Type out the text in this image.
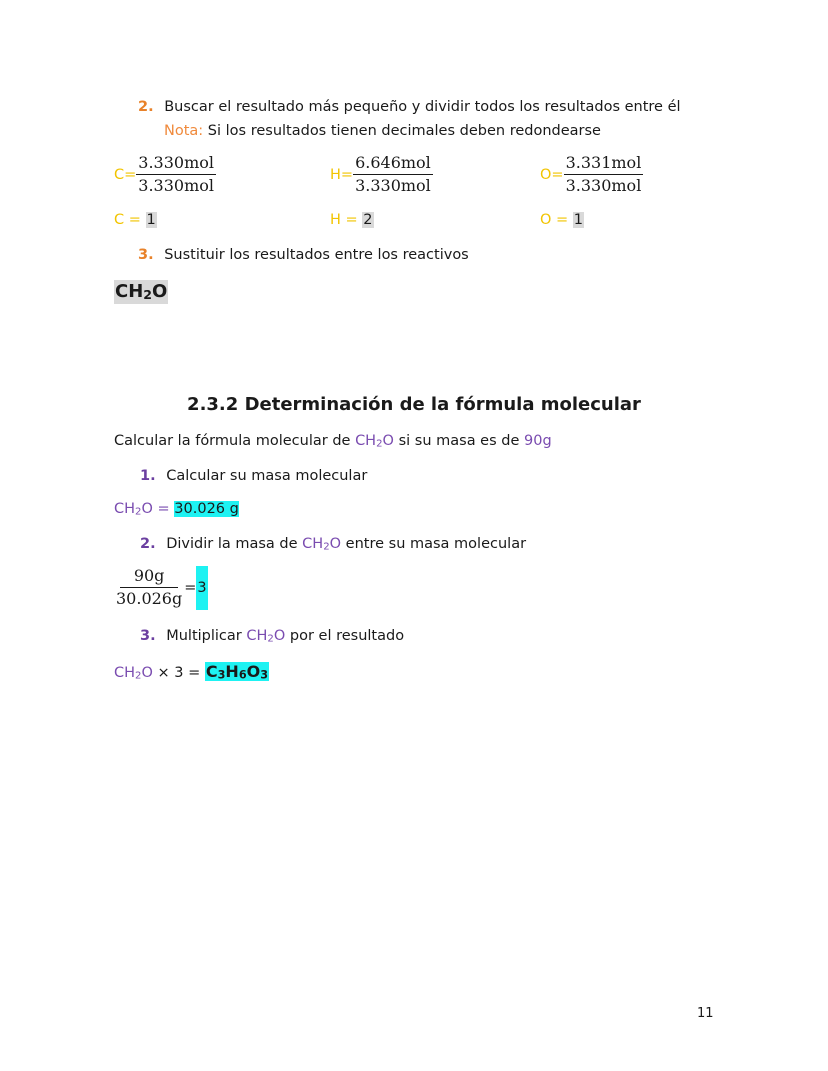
2. Buscar el resultado más pequeño y dividir todos los resultados entre él
Nota: Si los resultados tienen decimales deben redondearse
$C = \frac{\text{3.330mol}}{\text{3.330mol}}$	$H = \frac{\text{6.646mol}}{\text{3.330mol}}$	$O = \frac{\text{3.331mol}}{\text{3.330mol}}$
C = 1	H = 2	O = 1
3. Sustituir los resultados entre los reactivos
$CH_2O$
2.3.2 Determinación de la fórmula molecular
Calcular la fórmula molecular de $CH_2O$ si su masa es de 90g
1. Calcular su masa molecular
$CH_2O = 30.026$ g
2. Dividir la masa de $CH_2O$ entre su masa molecular
$\frac{90g}{30.026g} = 3$
3. Multiplicar $CH_2O$ por el resultado
$CH_2O \times 3 = C_3H_6O_3$
11
